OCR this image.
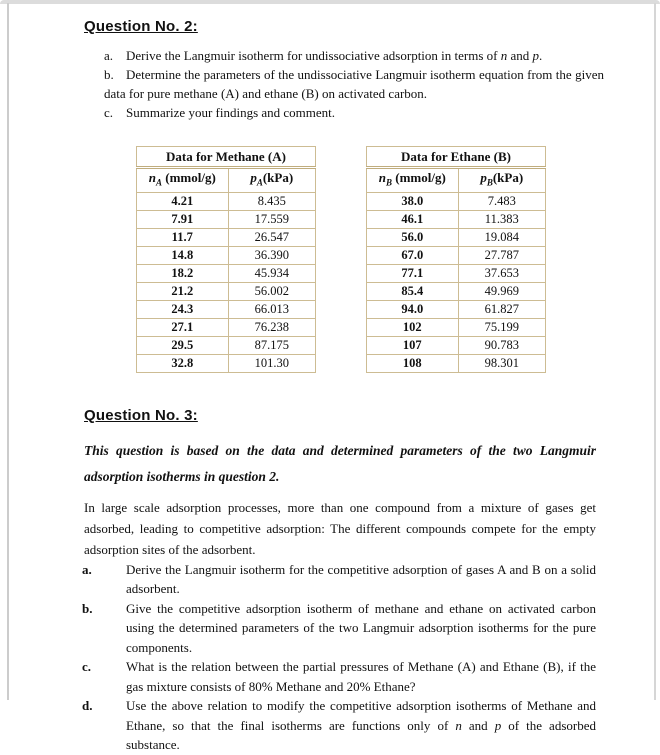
Question No. 2:
a. Derive the Langmuir isotherm for undissociative adsorption in terms of n and p.
b. Determine the parameters of the undissociative Langmuir isotherm equation from the given data for pure methane (A) and ethane (B) on activated carbon.
c. Summarize your findings and comment.
Data for Methane (A)	
$n_A$ (mmol/g)	$p_A(kPa)$
4.21	8.435
7.91	17.559
11.7	26.547
14.8	36.390
18.2	45.934
21.2	56.002
24.3	66.013
27.1	76.238
29.5	87.175
32.8	101.30
Data for Ethane (B)	
$n_B$ (mmol/g)	$p_B(kPa)$
38.0	7.483
46.1	11.383
56.0	19.084
67.0	27.787
77.1	37.653
85.4	49.969
94.0	61.827
102	75.199
107	90.783
108	98.301
Question No. 3:
This question is based on the data and determined parameters of the two Langmuir adsorption isotherms in question 2.
In large scale adsorption processes, more than one compound from a mixture of gases get adsorbed, leading to competitive adsorption: The different compounds compete for the empty adsorption sites of the adsorbent.
a.	Derive the Langmuir isotherm for the competitive adsorption of gases A and B on a solid adsorbent.
b.	Give the competitive adsorption isotherm of methane and ethane on activated carbon using the determined parameters of the two Langmuir adsorption isotherms for the pure components.
c.	What is the relation between the partial pressures of Methane (A) and Ethane (B), if the gas mixture consists of 80% Methane and 20% Ethane?
d.	Use the above relation to modify the competitive adsorption isotherms of Methane and Ethane, so that the final isotherms are functions only of n and p of the adsorbed substance.
